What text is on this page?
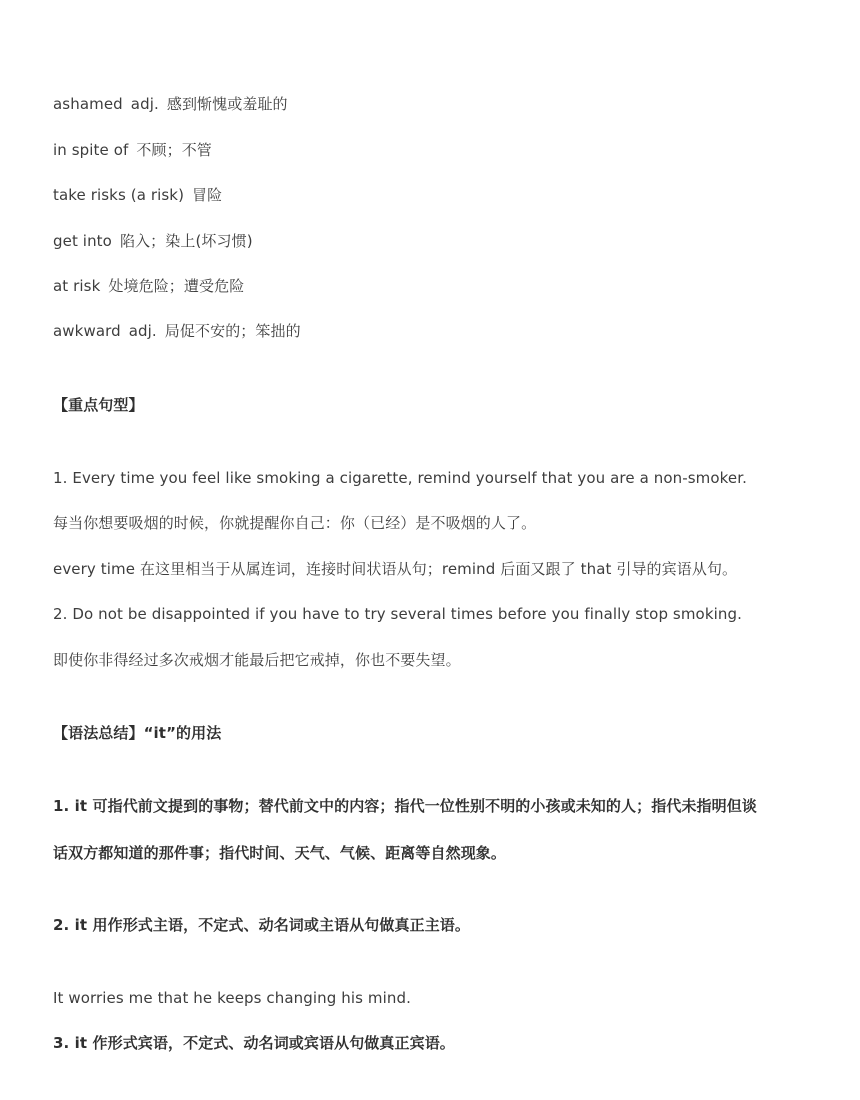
ashamed adj. 感到惭愧或羞耻的
in spite of 不顾；不管
take risks (a risk) 冒险
get into 陷入；染上(坏习惯)
at risk 处境危险；遭受危险
awkward adj. 局促不安的；笨拙的
【重点句型】
1. Every time you feel like smoking a cigarette, remind yourself that you are a non-smoker.
每当你想要吸烟的时候，你就提醒你自己：你（已经）是不吸烟的人了。
every time 在这里相当于从属连词，连接时间状语从句；remind 后面又跟了 that 引导的宾语从句。
2. Do not be disappointed if you have to try several times before you finally stop smoking.
即使你非得经过多次戒烟才能最后把它戒掉，你也不要失望。
【语法总结】“it”的用法
1. it 可指代前文提到的事物；替代前文中的内容；指代一位性别不明的小孩或未知的人；指代未指明但谈
话双方都知道的那件事；指代时间、天气、气候、距离等自然现象。
2. it 用作形式主语，不定式、动名词或主语从句做真正主语。
It worries me that he keeps changing his mind.
3. it 作形式宾语，不定式、动名词或宾语从句做真正宾语。
